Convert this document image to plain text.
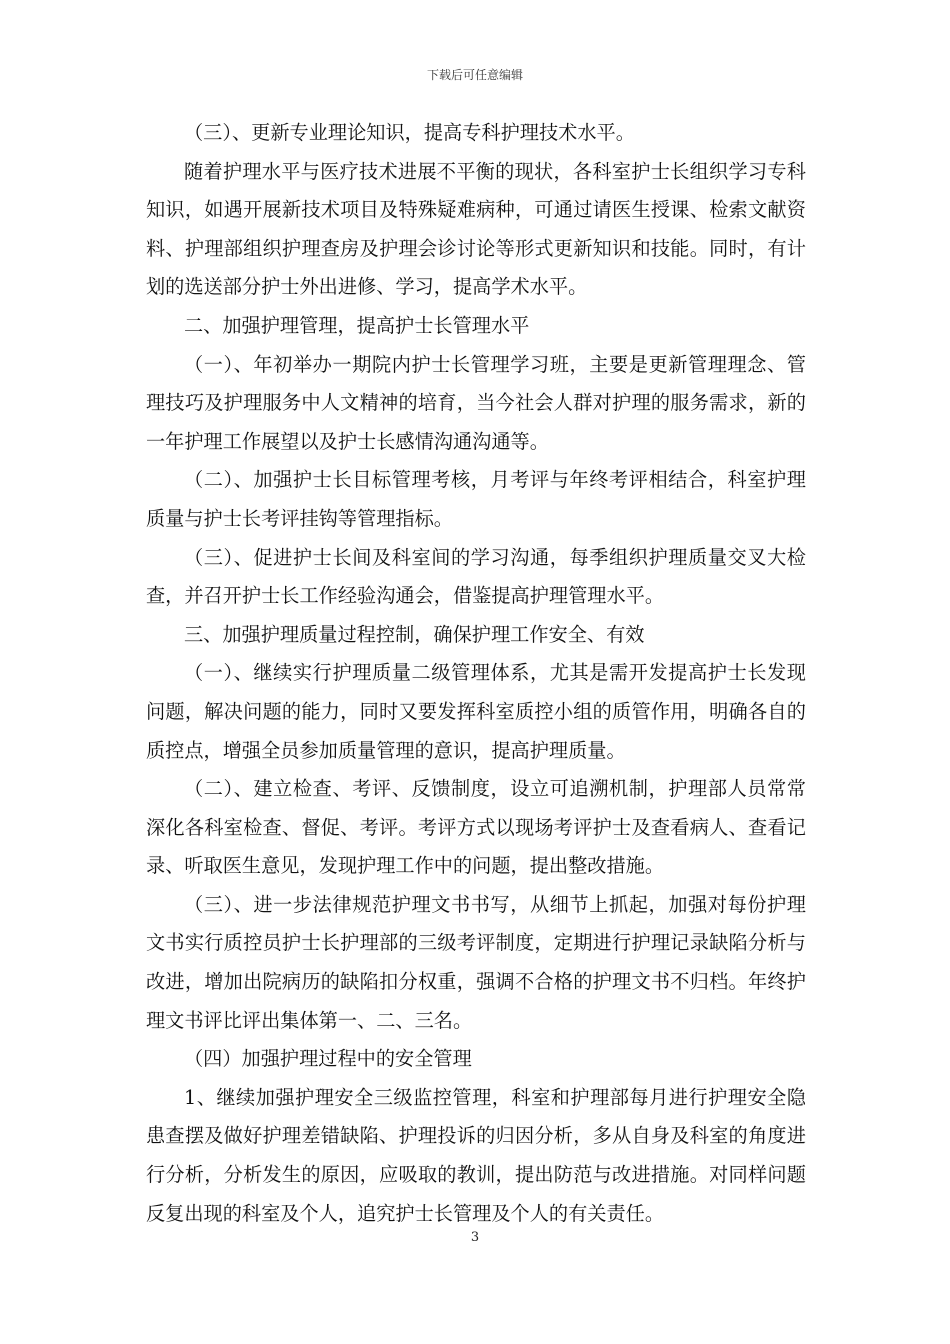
下载后可任意编辑

（三）、更新专业理论知识，提高专科护理技术水平。

随着护理水平与医疗技术进展不平衡的现状，各科室护士长组织学习专科知识，如遇开展新技术项目及特殊疑难病种，可通过请医生授课、检索文献资料、护理部组织护理查房及护理会诊讨论等形式更新知识和技能。同时，有计划的选送部分护士外出进修、学习，提高学术水平。

二、加强护理管理，提高护士长管理水平

（一）、年初举办一期院内护士长管理学习班，主要是更新管理理念、管理技巧及护理服务中人文精神的培育，当今社会人群对护理的服务需求，新的一年护理工作展望以及护士长感情沟通沟通等。

（二）、加强护士长目标管理考核，月考评与年终考评相结合，科室护理质量与护士长考评挂钩等管理指标。

（三）、促进护士长间及科室间的学习沟通，每季组织护理质量交叉大检查，并召开护士长工作经验沟通会，借鉴提高护理管理水平。

三、加强护理质量过程控制，确保护理工作安全、有效

（一）、继续实行护理质量二级管理体系，尤其是需开发提高护士长发现问题，解决问题的能力，同时又要发挥科室质控小组的质管作用，明确各自的质控点，增强全员参加质量管理的意识，提高护理质量。

（二）、建立检查、考评、反馈制度，设立可追溯机制，护理部人员常常深化各科室检查、督促、考评。考评方式以现场考评护士及查看病人、查看记录、听取医生意见，发现护理工作中的问题，提出整改措施。

（三）、进一步法律规范护理文书书写，从细节上抓起，加强对每份护理文书实行质控员护士长护理部的三级考评制度，定期进行护理记录缺陷分析与改进，增加出院病历的缺陷扣分权重，强调不合格的护理文书不归档。年终护理文书评比评出集体第一、二、三名。

（四）加强护理过程中的安全管理

1、继续加强护理安全三级监控管理，科室和护理部每月进行护理安全隐患查摆及做好护理差错缺陷、护理投诉的归因分析，多从自身及科室的角度进行分析，分析发生的原因，应吸取的教训，提出防范与改进措施。对同样问题反复出现的科室及个人，追究护士长管理及个人的有关责任。

3
